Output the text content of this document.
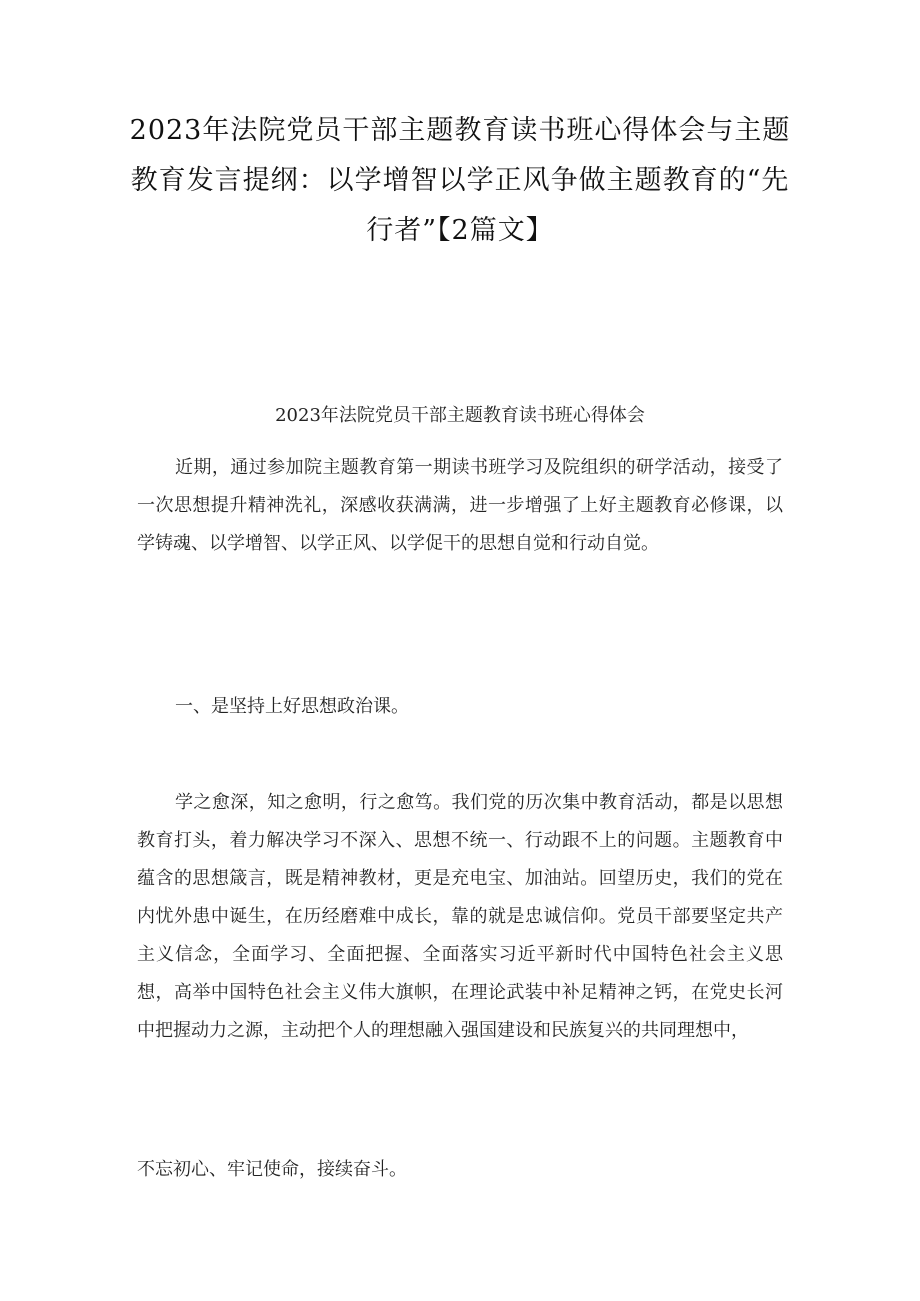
2023年法院党员干部主题教育读书班心得体会与主题教育发言提纲：以学增智以学正风争做主题教育的“先行者”【2篇文】
2023年法院党员干部主题教育读书班心得体会

近期，通过参加院主题教育第一期读书班学习及院组织的研学活动，接受了一次思想提升精神洗礼，深感收获满满，进一步增强了上好主题教育必修课，以学铸魂、以学增智、以学正风、以学促干的思想自觉和行动自觉。

一、是坚持上好思想政治课。

学之愈深，知之愈明，行之愈笃。我们党的历次集中教育活动，都是以思想教育打头，着力解决学习不深入、思想不统一、行动跟不上的问题。主题教育中蕴含的思想箴言，既是精神教材，更是充电宝、加油站。回望历史，我们的党在内忧外患中诞生，在历经磨难中成长，靠的就是忠诚信仰。党员干部要坚定共产主义信念，全面学习、全面把握、全面落实习近平新时代中国特色社会主义思想，高举中国特色社会主义伟大旗帜，在理论武装中补足精神之钙，在党史长河中把握动力之源，主动把个人的理想融入强国建设和民族复兴的共同理想中，

不忘初心、牢记使命，接续奋斗。
